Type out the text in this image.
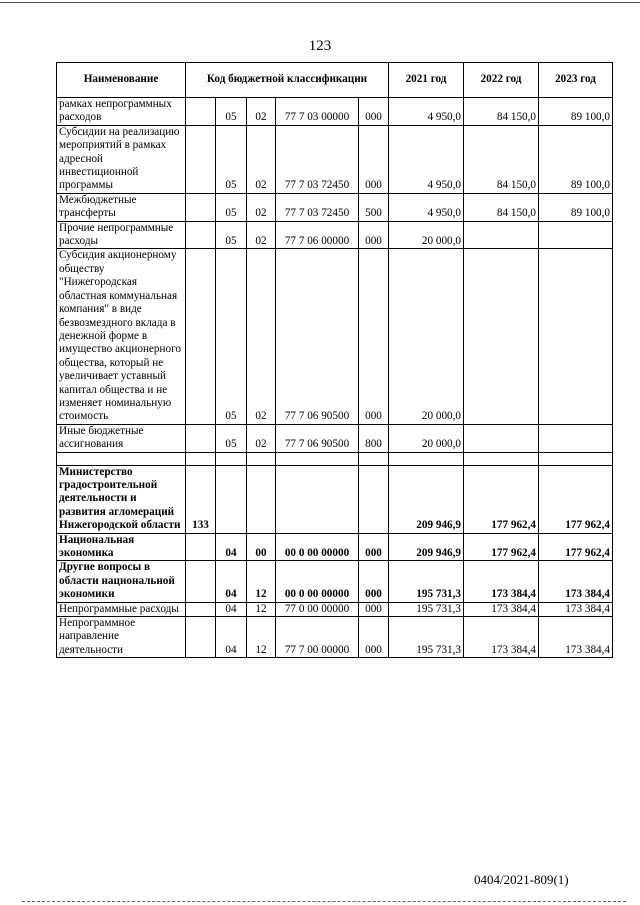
123
Наименование	Код бюджетной классификации					2021 год	2022 год	2023 год
рамках непрограммных расходов		05	02	77 7 03 00000	000	4 950,0	84 150,0	89 100,0
Субсидии на реализацию мероприятий в рамках адресной инвестиционной программы		05	02	77 7 03 72450	000	4 950,0	84 150,0	89 100,0
Межбюджетные трансферты		05	02	77 7 03 72450	500	4 950,0	84 150,0	89 100,0
Прочие непрограммные расходы		05	02	77 7 06 00000	000	20 000,0		
Субсидия акционерному обществу "Нижегородская областная коммунальная компания" в виде безвозмездного вклада в денежной форме в имущество акционерного общества, который не увеличивает уставный капитал общества и не изменяет номинальную стоимость		05	02	77 7 06 90500	000	20 000,0		
Иные бюджетные ассигнования		05	02	77 7 06 90500	800	20 000,0		

Министерство градостроительной деятельности и развития агломераций Нижегородской области	133					209 946,9	177 962,4	177 962,4
Национальная экономика		04	00	00 0 00 00000	000	209 946,9	177 962,4	177 962,4
Другие вопросы в области национальной экономики		04	12	00 0 00 00000	000	195 731,3	173 384,4	173 384,4
Непрограммные расходы		04	12	77 0 00 00000	000	195 731,3	173 384,4	173 384,4
Непрограммное направление деятельности		04	12	77 7 00 00000	000	195 731,3	173 384,4	173 384,4
0404/2021-809(1)
